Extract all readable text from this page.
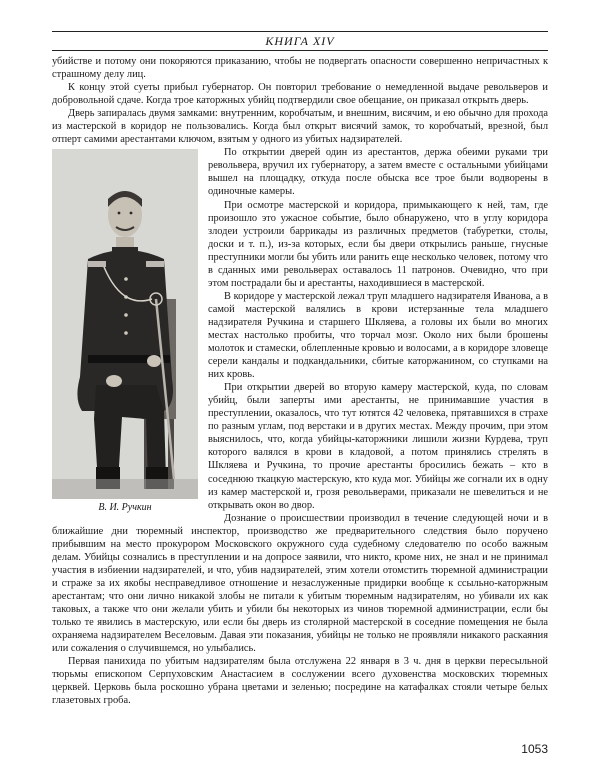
КНИГА XIV

убийстве и потому они покоряются приказанию, чтобы не подвергать опасности совершенно непричастных к страшному делу лиц.

К концу этой суеты прибыл губернатор. Он повторил требование о немедленной выдаче револьверов и добровольной сдаче. Когда трое каторжных убийц подтвердили свое обещание, он приказал открыть дверь.

Дверь запиралась двумя замками: внутренним, коробчатым, и внешним, висячим, и ею обычно для прохода из мастерской в коридор не пользовались. Когда был открыт висячий замок, то коробчатый, врезной, был отперт самими арестантами ключом, взятым у одного из убитых надзирателей.

В. И. Ручкин

По открытии дверей один из арестантов, держа обеими руками три револьвера, вручил их губернатору, а затем вместе с остальными убийцами вышел на площадку, откуда после обыска все трое были водворены в одиночные камеры.

При осмотре мастерской и коридора, примыкающего к ней, там, где произошло это ужасное событие, было обнаружено, что в углу коридора злодеи устроили баррикады из различных предметов (табуретки, столы, доски и т. п.), из-за которых, если бы двери открылись раньше, гнусные преступники могли бы убить или ранить еще несколько человек, потому что в сданных ими револьверах оставалось 11 патронов. Очевидно, что при этом пострадали бы и арестанты, находившиеся в мастерской.

В коридоре у мастерской лежал труп младшего надзирателя Иванова, а в самой мастерской валялись в крови истерзанные тела младшего надзирателя Ручкина и старшего Шкляева, а головы их были во многих местах настолько пробиты, что торчал мозг. Около них были брошены молоток и стамески, облепленные кровью и волосами, а в коридоре зловеще серели кандалы и подкандальники, сбитые каторжанином, со ступками на них кровь.

При открытии дверей во вторую камеру мастерской, куда, по словам убийц, были заперты ими арестанты, не принимавшие участия в преступлении, оказалось, что тут ютятся 42 человека, прятавшихся в страхе по разным углам, под верстаки и в других местах. Между прочим, при этом выяснилось, что, когда убийцы-каторжники лишили жизни Курдева, труп которого валялся в крови в кладовой, а потом принялись стрелять в Шкляева и Ручкина, то прочие арестанты бросились бежать – кто в соседнюю ткацкую мастерскую, кто куда мог. Убийцы же согнали их в одну из камер мастерской и, грозя револьверами, приказали не шевелиться и не открывать окон во двор.

Дознание о происшествии производил в течение следующей ночи и в ближайшие дни тюремный инспектор, производство же предварительного следствия было поручено прибывшим на место прокурором Московского окружного суда судебному следователю по особо важным делам. Убийцы сознались в преступлении и на допросе заявили, что никто, кроме них, не знал и не принимал участия в избиении надзирателей, и что, убив надзирателей, этим хотели отомстить тюремной администрации и страже за их якобы несправедливое отношение и незаслуженные придирки вообще к ссыльно-каторжным арестантам; что они лично никакой злобы не питали к убитым тюремным надзирателям, но убивали их как таковых, а также что они желали убить и убили бы некоторых из чинов тюремной администрации, если бы только те явились в мастерскую, или если бы дверь из столярной мастерской в соседние помещения не была охраняема надзирателем Веселовым. Давая эти показания, убийцы не только не проявляли никакого раскаяния или сожаления о случившемся, но улыбались.

Первая панихида по убитым надзирателям была отслужена 22 января в 3 ч. дня в церкви пересыльной тюрьмы епископом Серпуховским Анастасием в сослужении всего духовенства московских тюремных церквей. Церковь была роскошно убрана цветами и зеленью; посредине на катафалках стояли четыре белых глазетовых гроба.

1053
